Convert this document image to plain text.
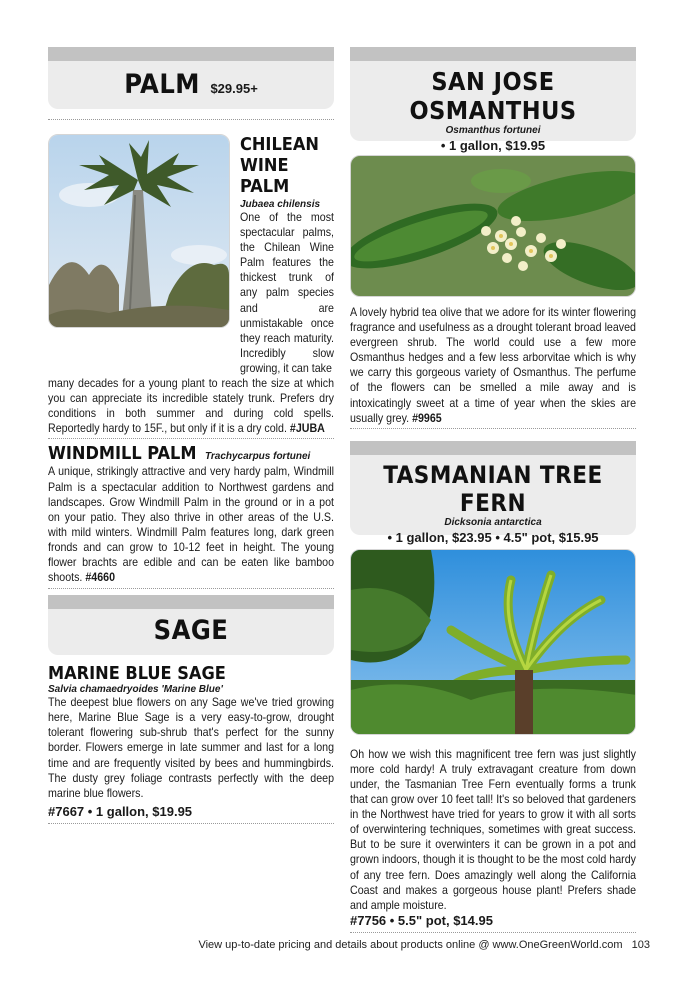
PALM $29.95+
CHILEAN
WINE PALM
Jubaea chilensis
One of the most spectacular palms, the Chilean Wine Palm features the thickest trunk of any palm species and are unmistakable once they reach maturity. Incredibly slow growing, it can take
many decades for a young plant to reach the size at which you can appreciate its incredible stately trunk. Prefers dry conditions in both summer and during cold spells. Reportedly hardy to 15F., but only if it is a dry cold. #JUBA
WINDMILL PALM Trachycarpus fortunei
A unique, strikingly attractive and very hardy palm, Windmill Palm is a spectacular addition to Northwest gardens and landscapes. Grow Windmill Palm in the ground or in a pot on your patio. They also thrive in other areas of the U.S. with mild winters. Windmill Palm features long, dark green fronds and can grow to 10-12 feet in height. The young flower brachts are edible and can be eaten like bamboo shoots. #4660
SAGE
MARINE BLUE SAGE
Salvia chamaedryoides 'Marine Blue'
The deepest blue flowers on any Sage we've tried growing here, Marine Blue Sage is a very easy-to-grow, drought tolerant flowering sub-shrub that's perfect for the sunny border. Flowers emerge in late summer and last for a long time and are frequently visited by bees and hummingbirds. The dusty grey foliage contrasts perfectly with the deep marine blue flowers.
#7667 • 1 gallon, $19.95
SAN JOSE OSMANTHUS
Osmanthus fortunei
• 1 gallon, $19.95
A lovely hybrid tea olive that we adore for its winter flowering fragrance and usefulness as a drought tolerant broad leaved evergreen shrub. The world could use a few more Osmanthus hedges and a few less arborvitae which is why we carry this gorgeous variety of Osmanthus. The perfume of the flowers can be smelled a mile away and is intoxicatingly sweet at a time of year when the skies are usually grey. #9965
TASMANIAN TREE FERN
Dicksonia antarctica
• 1 gallon, $23.95 • 4.5" pot, $15.95
Oh how we wish this magnificent tree fern was just slightly more cold hardy! A truly extravagant creature from down under, the Tasmanian Tree Fern eventually forms a trunk that can grow over 10 feet tall! It's so beloved that gardeners in the Northwest have tried for years to grow it with all sorts of overwintering techniques, sometimes with great success. But to be sure it overwinters it can be grown in a pot and grown indoors, though it is thought to be the most cold hardy of any tree fern. Does amazingly well along the California Coast and makes a gorgeous house plant! Prefers shade and ample moisture.
#7756 • 5.5" pot, $14.95
View up-to-date pricing and details about products online @ www.OneGreenWorld.com 103
